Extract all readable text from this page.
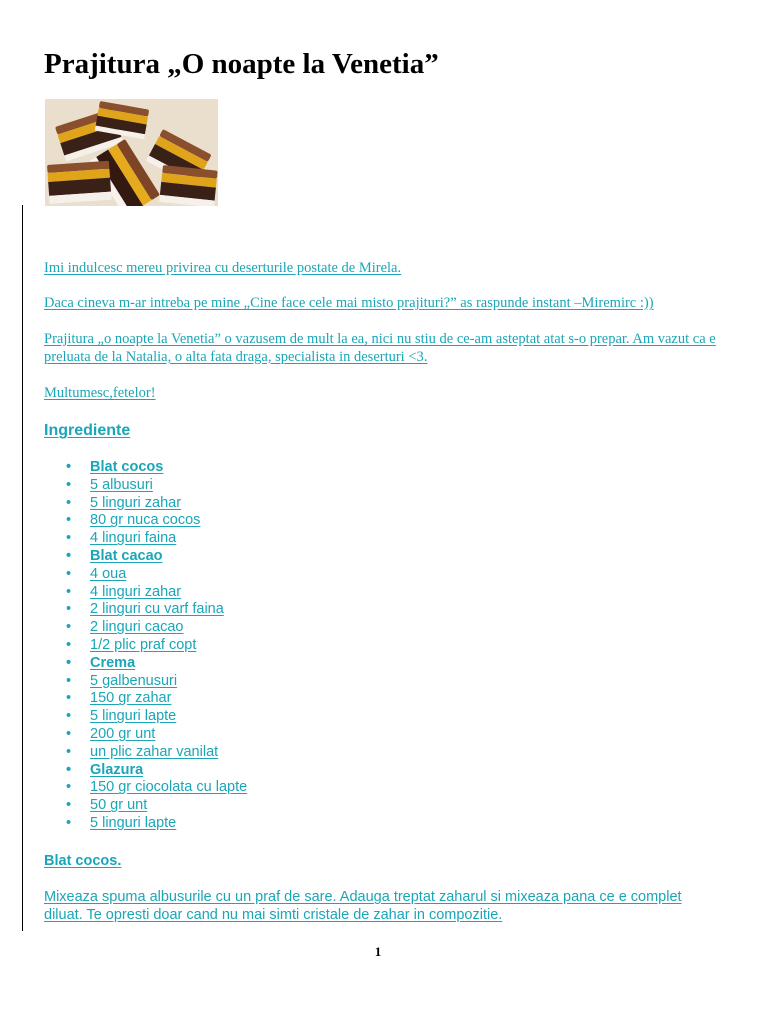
Prajitura „O noapte la Venetia”

Imi indulcesc mereu privirea cu deserturile postate de Mirela.

Daca cineva m-ar intreba pe mine „Cine face cele mai misto prajituri?” as raspunde instant –Miremirc :))

Prajitura „o noapte la Venetia” o vazusem de mult la ea, nici nu stiu de ce-am asteptat atat s-o prepar. Am vazut ca e preluata de la Natalia, o alta fata draga, specialista in deserturi <3.

Multumesc,fetelor!

Ingrediente
• Blat cocos
• 5 albusuri
• 5 linguri zahar
• 80 gr nuca cocos
• 4 linguri faina
• Blat cacao
• 4 oua
• 4 linguri zahar
• 2 linguri cu varf faina
• 2 linguri cacao
• 1/2 plic praf copt
• Crema
• 5 galbenusuri
• 150 gr zahar
• 5 linguri lapte
• 200 gr unt
• un plic zahar vanilat
• Glazura
• 150 gr ciocolata cu lapte
• 50 gr unt
• 5 linguri lapte
Blat cocos.

Mixeaza spuma albusurile cu un praf de sare. Adauga treptat zaharul si mixeaza pana ce e complet diluat. Te opresti doar cand nu mai simti cristale de zahar in compozitie.

1
